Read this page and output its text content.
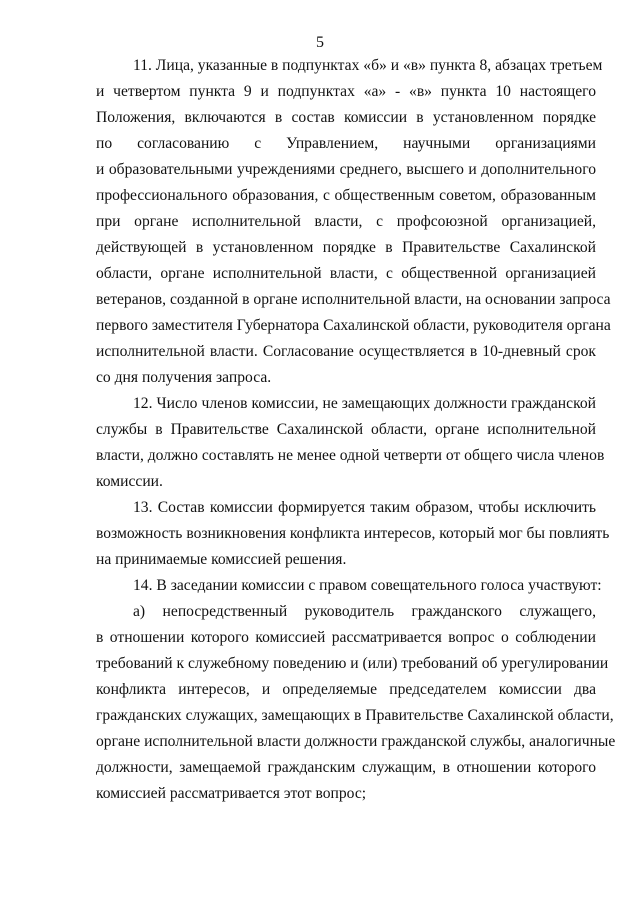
5
11. Лица, указанные в подпунктах «б» и «в» пункта 8, абзацах третьем
и четвертом пункта 9 и подпунктах «а» - «в» пункта 10 настоящего
Положения, включаются в состав комиссии в установленном порядке
по согласованию с Управлением, научными организациями
и образовательными учреждениями среднего, высшего и дополнительного
профессионального образования, с общественным советом, образованным
при органе исполнительной власти, с профсоюзной организацией,
действующей в установленном порядке в Правительстве Сахалинской
области, органе исполнительной власти, с общественной организацией
ветеранов, созданной в органе исполнительной власти, на основании запроса
первого заместителя Губернатора Сахалинской области, руководителя органа
исполнительной власти. Согласование осуществляется в 10-дневный срок
со дня получения запроса.
12. Число членов комиссии, не замещающих должности гражданской
службы в Правительстве Сахалинской области, органе исполнительной
власти, должно составлять не менее одной четверти от общего числа членов
комиссии.
13. Состав комиссии формируется таким образом, чтобы исключить
возможность возникновения конфликта интересов, который мог бы повлиять
на принимаемые комиссией решения.
14. В заседании комиссии с правом совещательного голоса участвуют:
а) непосредственный руководитель гражданского служащего,
в отношении которого комиссией рассматривается вопрос о соблюдении
требований к служебному поведению и (или) требований об урегулировании
конфликта интересов, и определяемые председателем комиссии два
гражданских служащих, замещающих в Правительстве Сахалинской области,
органе исполнительной власти должности гражданской службы, аналогичные
должности, замещаемой гражданским служащим, в отношении которого
комиссией рассматривается этот вопрос;
